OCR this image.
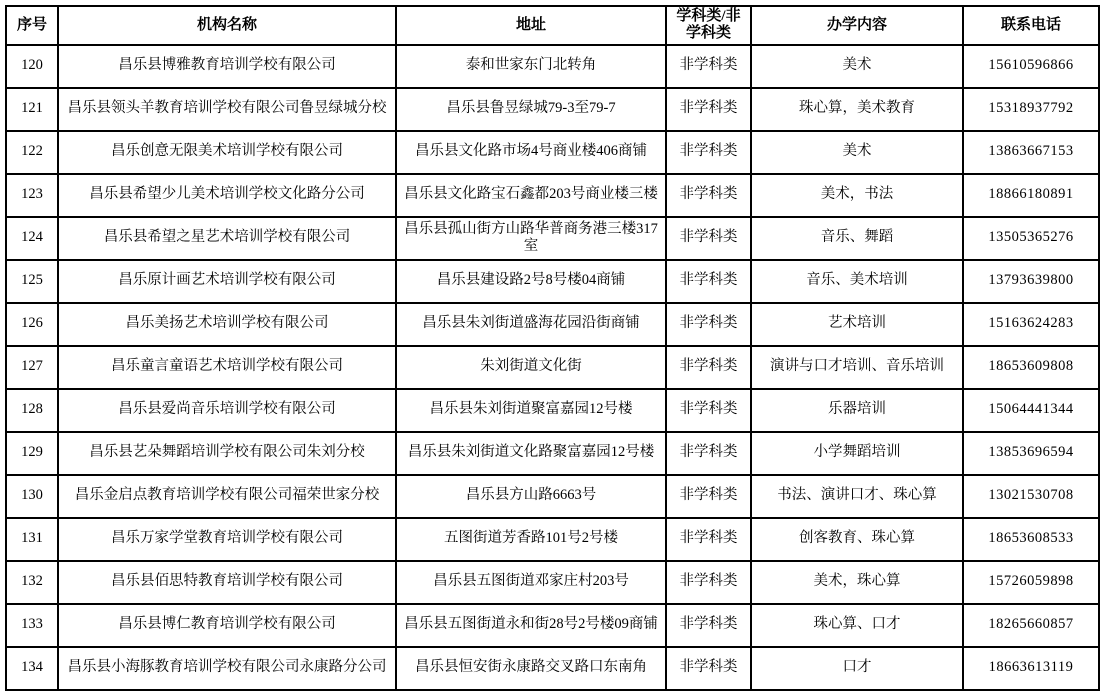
序号	机构名称	地址	学科类/非学科类	办学内容	联系电话
120	昌乐县博雅教育培训学校有限公司	泰和世家东门北转角	非学科类	美术	15610596866
121	昌乐县领头羊教育培训学校有限公司鲁昱绿城分校	昌乐县鲁昱绿城79-3至79-7	非学科类	珠心算，美术教育	15318937792
122	昌乐创意无限美术培训学校有限公司	昌乐县文化路市场4号商业楼406商铺	非学科类	美术	13863667153
123	昌乐县希望少儿美术培训学校文化路分公司	昌乐县文化路宝石鑫都203号商业楼三楼	非学科类	美术，书法	18866180891
124	昌乐县希望之星艺术培训学校有限公司	昌乐县孤山街方山路华普商务港三楼317室	非学科类	音乐、舞蹈	13505365276
125	昌乐原计画艺术培训学校有限公司	昌乐县建设路2号8号楼04商铺	非学科类	音乐、美术培训	13793639800
126	昌乐美扬艺术培训学校有限公司	昌乐县朱刘街道盛海花园沿街商铺	非学科类	艺术培训	15163624283
127	昌乐童言童语艺术培训学校有限公司	朱刘街道文化街	非学科类	演讲与口才培训、音乐培训	18653609808
128	昌乐县爱尚音乐培训学校有限公司	昌乐县朱刘街道聚富嘉园12号楼	非学科类	乐器培训	15064441344
129	昌乐县艺朵舞蹈培训学校有限公司朱刘分校	昌乐县朱刘街道文化路聚富嘉园12号楼	非学科类	小学舞蹈培训	13853696594
130	昌乐金启点教育培训学校有限公司福荣世家分校	昌乐县方山路6663号	非学科类	书法、演讲口才、珠心算	13021530708
131	昌乐万家学堂教育培训学校有限公司	五图街道芳香路101号2号楼	非学科类	创客教育、珠心算	18653608533
132	昌乐县佰思特教育培训学校有限公司	昌乐县五图街道邓家庄村203号	非学科类	美术，珠心算	15726059898
133	昌乐县博仁教育培训学校有限公司	昌乐县五图街道永和街28号2号楼09商铺	非学科类	珠心算、口才	18265660857
134	昌乐县小海豚教育培训学校有限公司永康路分公司	昌乐县恒安街永康路交叉路口东南角	非学科类	口才	18663613119
